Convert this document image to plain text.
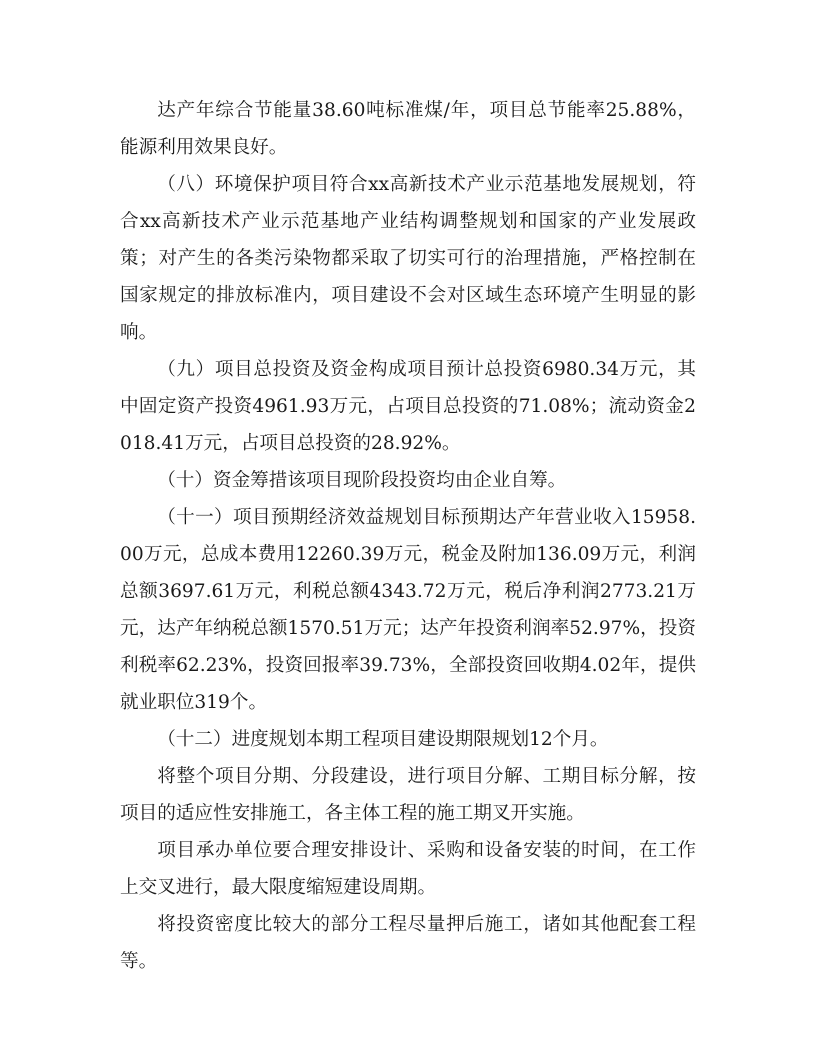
达产年综合节能量38.60吨标准煤/年，项目总节能率25.88%，能源利用效果良好。

（八）环境保护项目符合xx高新技术产业示范基地发展规划，符合xx高新技术产业示范基地产业结构调整规划和国家的产业发展政策；对产生的各类污染物都采取了切实可行的治理措施，严格控制在国家规定的排放标准内，项目建设不会对区域生态环境产生明显的影响。

（九）项目总投资及资金构成项目预计总投资6980.34万元，其中固定资产投资4961.93万元，占项目总投资的71.08%；流动资金2018.41万元，占项目总投资的28.92%。

（十）资金筹措该项目现阶段投资均由企业自筹。

（十一）项目预期经济效益规划目标预期达产年营业收入15958.00万元，总成本费用12260.39万元，税金及附加136.09万元，利润总额3697.61万元，利税总额4343.72万元，税后净利润2773.21万元，达产年纳税总额1570.51万元；达产年投资利润率52.97%，投资利税率62.23%，投资回报率39.73%，全部投资回收期4.02年，提供就业职位319个。

（十二）进度规划本期工程项目建设期限规划12个月。

将整个项目分期、分段建设，进行项目分解、工期目标分解，按项目的适应性安排施工，各主体工程的施工期叉开实施。

项目承办单位要合理安排设计、采购和设备安装的时间，在工作上交叉进行，最大限度缩短建设周期。

将投资密度比较大的部分工程尽量押后施工，诸如其他配套工程等。
